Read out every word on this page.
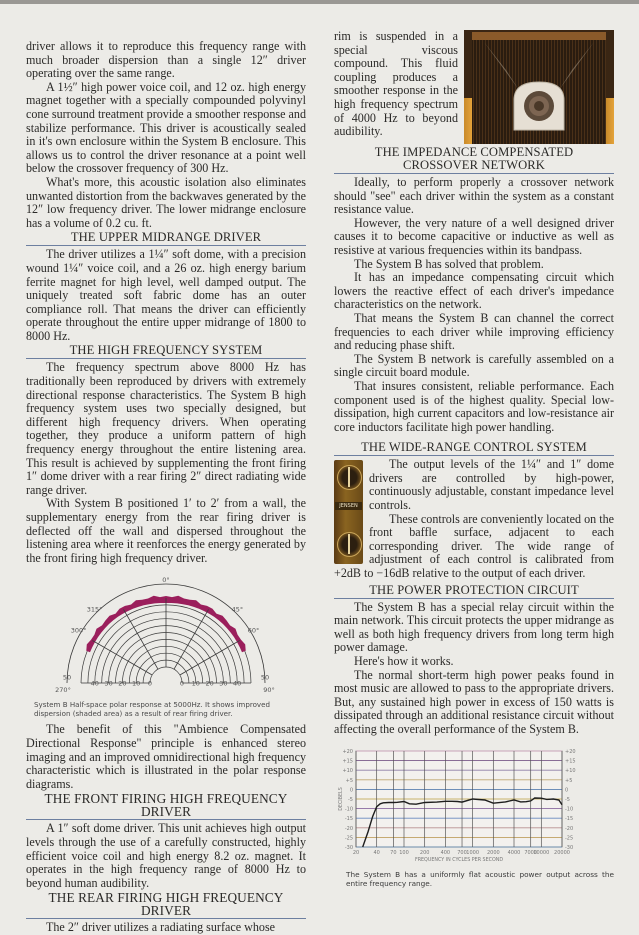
driver allows it to reproduce this frequency range with much broader dispersion than a single 12″ driver operating over the same range.

A 1½″ high power voice coil, and 12 oz. high energy magnet together with a specially compounded polyvinyl cone surround treatment provide a smoother response and stabilize performance. This driver is acoustically sealed in it's own enclosure within the System B enclosure. This allows us to control the driver resonance at a point well below the crossover frequency of 300 Hz.

What's more, this acoustic isolation also eliminates unwanted distortion from the backwaves generated by the 12″ low frequency driver. The lower midrange enclosure has a volume of 0.2 cu. ft.

THE UPPER MIDRANGE DRIVER

The driver utilizes a 1¼″ soft dome, with a precision wound 1¼″ voice coil, and a 26 oz. high energy barium ferrite magnet for high level, well damped output. The uniquely treated soft fabric dome has an outer compliance roll. That means the driver can efficiently operate throughout the entire upper midrange of 1800 to 8000 Hz.

THE HIGH FREQUENCY SYSTEM

The frequency spectrum above 8000 Hz has traditionally been reproduced by drivers with extremely directional response characteristics. The System B high frequency system uses two specially designed, but different high frequency drivers. When operating together, they produce a uniform pattern of high frequency energy throughout the entire listening area. This result is achieved by supplementing the front firing 1″ dome driver with a rear firing 2″ direct radiating wide range driver.

With System B positioned 1′ to 2′ from a wall, the supplementary energy from the rear firing driver is deflected off the wall and dispersed throughout the listening area where it reenforces the energy generated by the front firing high frequency driver.

0°
315°
300°
270°
45°
60°
90°
50
40 30 20 10 0	0 10 20 30 40
50
System B Half-space polar response at 5000Hz. It shows improved dispersion (shaded area) as a result of rear firing driver.

The benefit of this "Ambience Compensated Directional Response" principle is enhanced stereo imaging and an improved omnidirectional high frequency characteristic which is illustrated in the polar response diagrams.

THE FRONT FIRING HIGH FREQUENCY DRIVER

A 1″ soft dome driver. This unit achieves high output levels through the use of a carefully constructed, highly efficient voice coil and high energy 8.2 oz. magnet. It operates in the high frequency range of 8000 Hz to beyond human audibility.

THE REAR FIRING HIGH FREQUENCY DRIVER

The 2″ driver utilizes a radiating surface whose

rim is suspended in a special viscous compound. This fluid coupling produces a smoother response in the high frequency spectrum of 4000 Hz to beyond audibility.

THE IMPEDANCE COMPENSATED
CROSSOVER NETWORK

Ideally, to perform properly a crossover network should "see" each driver within the system as a constant resistance value.

However, the very nature of a well designed driver causes it to become capacitive or inductive as well as resistive at various frequencies within its bandpass.

The System B has solved that problem.

It has an impedance compensating circuit which lowers the reactive effect of each driver's impedance characteristics on the network.

That means the System B can channel the correct frequencies to each driver while improving efficiency and reducing phase shift.

The System B network is carefully assembled on a single circuit board module.

That insures consistent, reliable performance. Each component used is of the highest quality. Special low-dissipation, high current capacitors and low-resistance air core inductors facilitate high power handling.

THE WIDE-RANGE CONTROL SYSTEM
JENSEN

The output levels of the 1¼″ and 1″ dome drivers are controlled by high-power, continuously adjustable, constant impedance level controls.

These controls are conveniently located on the front baffle surface, adjacent to each corresponding driver. The wide range of adjustment of each control is calibrated from +2dB to −16dB relative to the output of each driver.

THE POWER PROTECTION CIRCUIT

The System B has a special relay circuit within the main network. This circuit protects the upper midrange as well as both high frequency drivers from long term high power damage.

Here's how it works.

The normal short-term high power peaks found in most music are allowed to pass to the appropriate drivers. But, any sustained high power in excess of 150 watts is dissipated through an additional resistance circuit without affecting the overall performance of the System B.

+20	+20
+15	+15
+10	+10
+5	+5
0	0
-5	-5
-10	-10
-15	-15
-20	-20
-25	-25
-30	-30
20	40 70 100 200 400 700 1000 2000 4000 7000
10000 20000
FREQUENCY IN CYCLES PER SECOND
DECIBELS
The System B has a uniformly flat acoustic power output across the entire frequency range.
